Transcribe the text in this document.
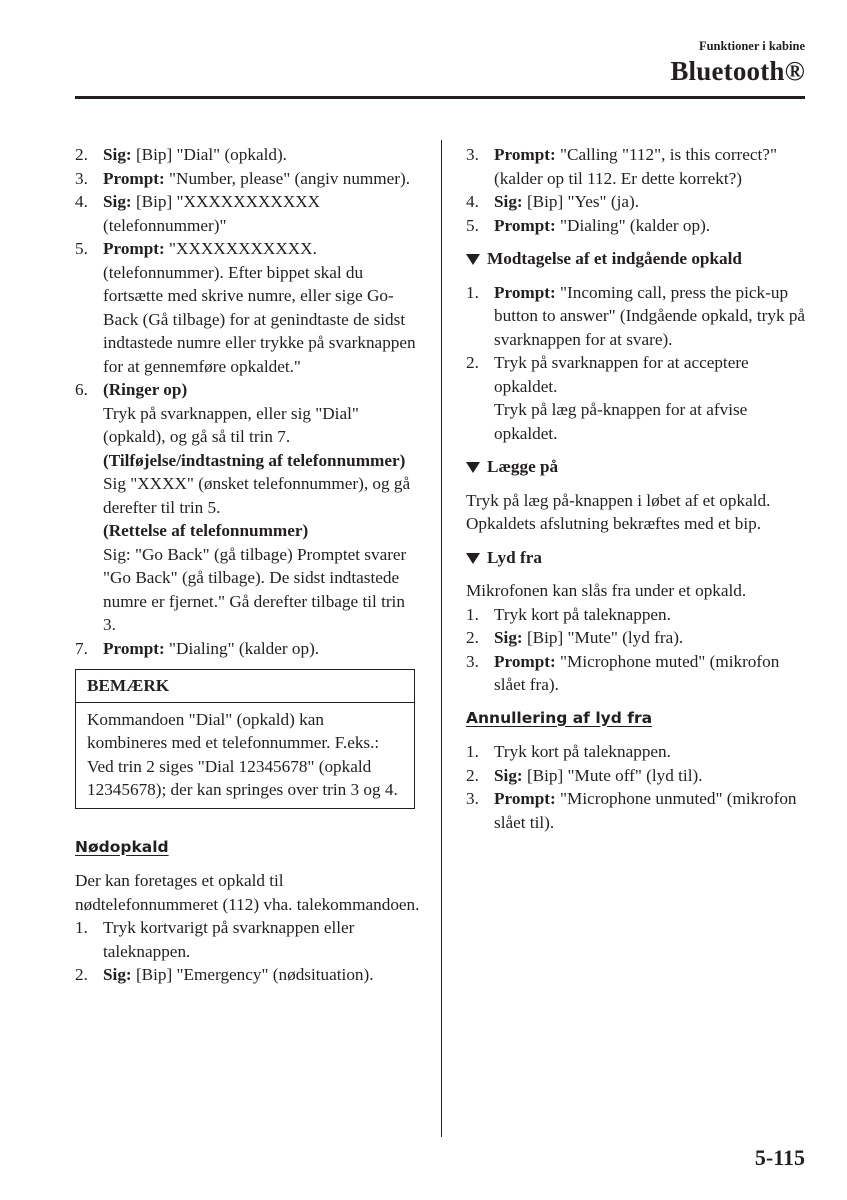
Funktioner i kabine
Bluetooth®
2. Sig: [Bip] "Dial" (opkald).
3. Prompt: "Number, please" (angiv nummer).
4. Sig: [Bip] "XXXXXXXXXXX (telefonnummer)"
5. Prompt: "XXXXXXXXXXX. (telefonnummer). Efter bippet skal du fortsætte med skrive numre, eller sige Go-Back (Gå tilbage) for at genindtaste de sidst indtastede numre eller trykke på svarknappen for at gennemføre opkaldet."
6. (Ringer op)
Tryk på svarknappen, eller sig "Dial" (opkald), og gå så til trin 7.
(Tilføjelse/indtastning af telefonnummer)
Sig "XXXX" (ønsket telefonnummer), og gå derefter til trin 5.
(Rettelse af telefonnummer)
Sig: "Go Back" (gå tilbage) Promptet svarer "Go Back" (gå tilbage). De sidst indtastede numre er fjernet." Gå derefter tilbage til trin 3.
7. Prompt: "Dialing" (kalder op).
BEMÆRK
Kommandoen "Dial" (opkald) kan kombineres med et telefonnummer. F.eks.: Ved trin 2 siges "Dial 12345678" (opkald 12345678); der kan springes over trin 3 og 4.
Nødopkald
Der kan foretages et opkald til nødtelefonnummeret (112) vha. talekommandoen.
1. Tryk kortvarigt på svarknappen eller taleknappen.
2. Sig: [Bip] "Emergency" (nødsituation).
3. Prompt: "Calling "112", is this correct?" (kalder op til 112. Er dette korrekt?)
4. Sig: [Bip] "Yes" (ja).
5. Prompt: "Dialing" (kalder op).
Modtagelse af et indgående opkald
1. Prompt: "Incoming call, press the pick-up button to answer" (Indgående opkald, tryk på svarknappen for at svare).
2. Tryk på svarknappen for at acceptere opkaldet.
Tryk på læg på-knappen for at afvise opkaldet.
Lægge på
Tryk på læg på-knappen i løbet af et opkald. Opkaldets afslutning bekræftes med et bip.
Lyd fra
Mikrofonen kan slås fra under et opkald.
1. Tryk kort på taleknappen.
2. Sig: [Bip] "Mute" (lyd fra).
3. Prompt: "Microphone muted" (mikrofon slået fra).
Annullering af lyd fra
1. Tryk kort på taleknappen.
2. Sig: [Bip] "Mute off" (lyd til).
3. Prompt: "Microphone unmuted" (mikrofon slået til).
5-115
